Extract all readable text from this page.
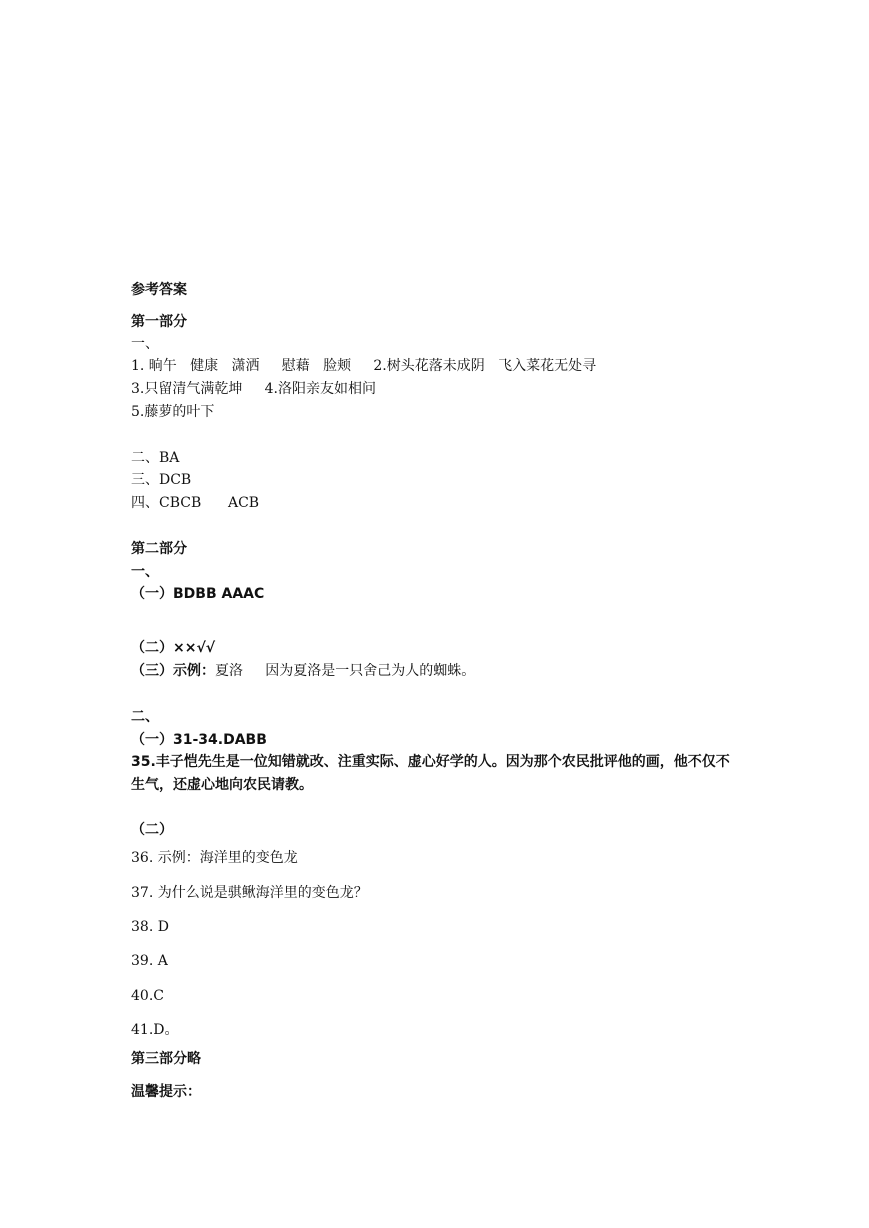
参考答案

第一部分

一、

1. 晌午   健康   潇洒     慰藉   脸颊     2.树头花落未成阴   飞入菜花无处寻

3.只留清气满乾坤     4.洛阳亲友如相问

5.藤萝的叶下

二、BA

三、DCB

四、CBCB      ACB

第二部分

一、

（一）BDBB AAAC

（二）××√√

（三）示例：夏洛     因为夏洛是一只舍己为人的蜘蛛。

二、

（一）31-34.DABB

35.丰子恺先生是一位知错就改、注重实际、虚心好学的人。因为那个农民批评他的画，他不仅不生气，还虚心地向农民请教。

（二）

36. 示例：海洋里的变色龙

37. 为什么说是骐鳅海洋里的变色龙？

38. D

39. A

40.C

41.D。

第三部分略

温馨提示：
